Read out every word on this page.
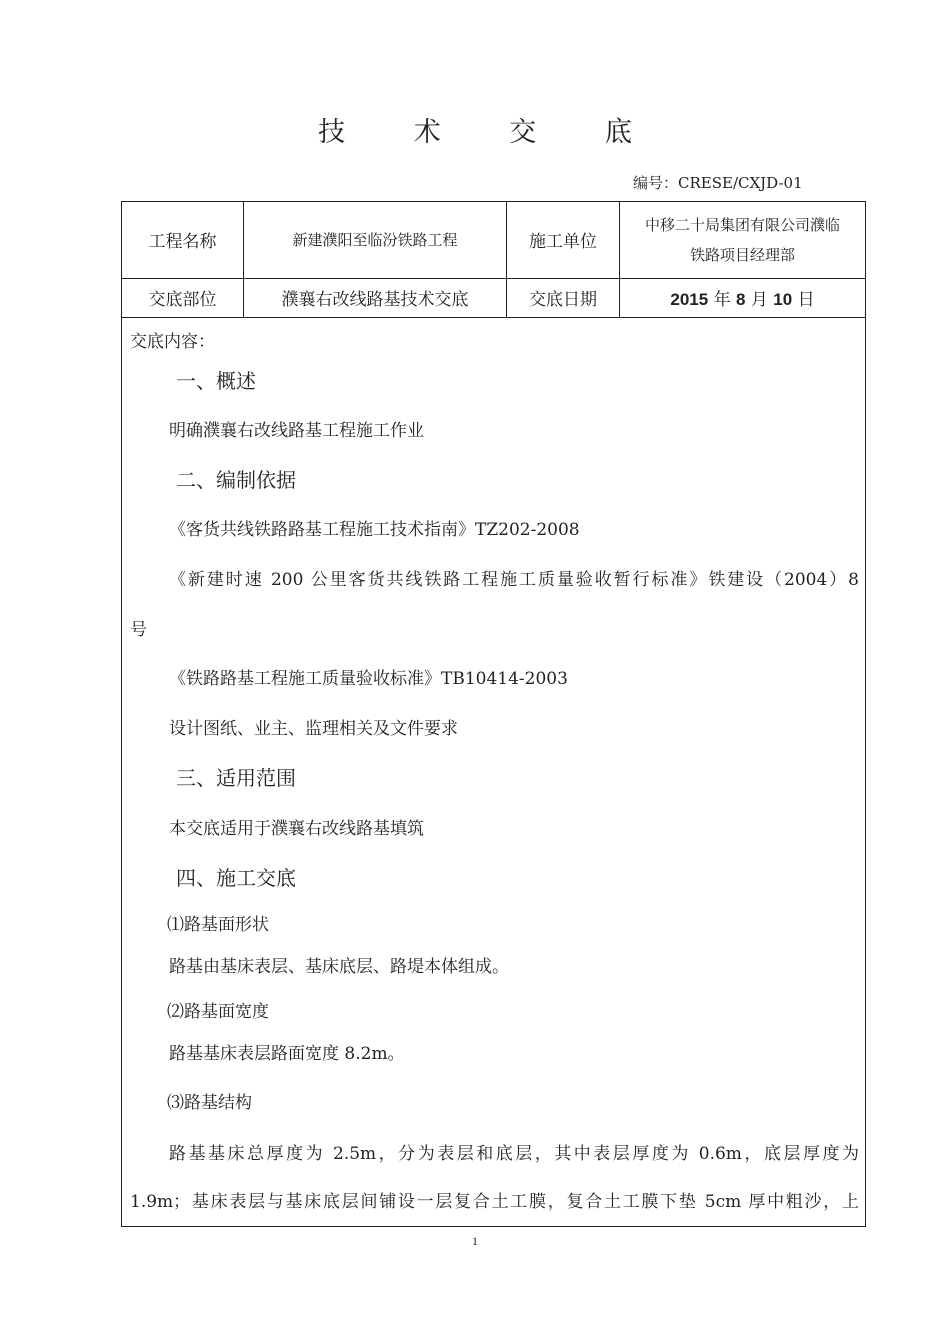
技 术 交 底
编号：CRESE/CXJD-01
工程名称	新建濮阳至临汾铁路工程	施工单位	中移二十局集团有限公司濮临
铁路项目经理部

交底部位	濮襄右改线路基技术交底	交底日期	2015 年 8 月 10 日
交底内容：
一、概述
明确濮襄右改线路基工程施工作业
二、编制依据
《客货共线铁路路基工程施工技术指南》TZ202-2008
《新建时速 200 公里客货共线铁路工程施工质量验收暂行标准》铁建设（2004）8
号
《铁路路基工程施工质量验收标准》TB10414-2003
设计图纸、业主、监理相关及文件要求
三、适用范围
本交底适用于濮襄右改线路基填筑
四、施工交底
⑴路基面形状
路基由基床表层、基床底层、路堤本体组成。
⑵路基面宽度
路基基床表层路面宽度 8.2m。
⑶路基结构
路基基床总厚度为 2.5m，分为表层和底层，其中表层厚度为 0.6m，底层厚度为
1.9m；基床表层与基床底层间铺设一层复合土工膜，复合土工膜下垫 5cm 厚中粗沙，上
1
